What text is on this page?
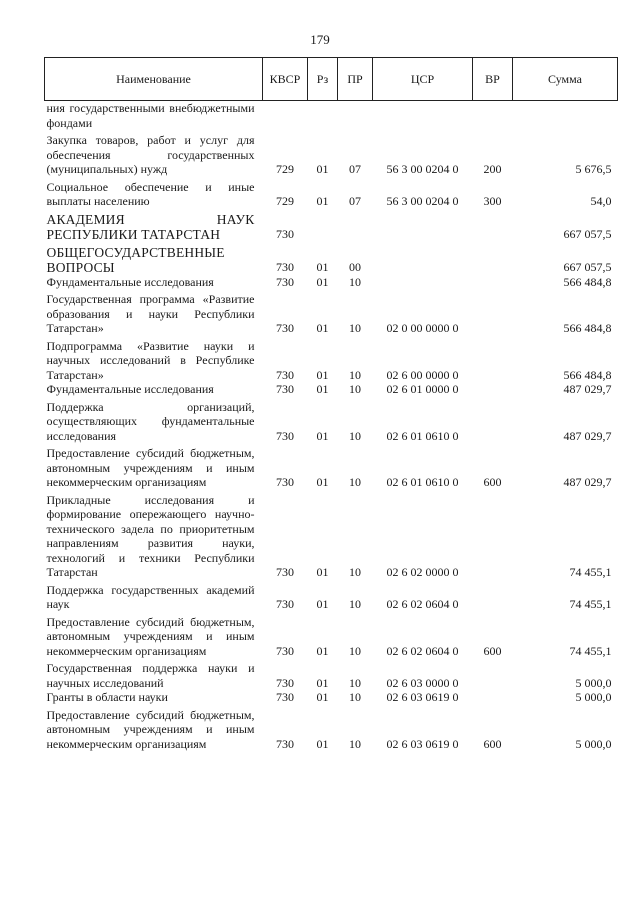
179
Наименование	КВСР	Рз	ПР	ЦСР	ВР	Сумма
ния государственными внебюджетными фондами						
Закупка товаров, работ и услуг для обеспечения государственных (муниципальных) нужд	729	01	07	56 3 00 0204 0	200	5 676,5
Социальное обеспечение и иные выплаты населению	729	01	07	56 3 00 0204 0	300	54,0
АКАДЕМИЯ НАУК РЕСПУБЛИКИ ТАТАРСТАН	730					667 057,5
ОБЩЕГОСУДАРСТВЕННЫЕ ВОПРОСЫ	730	01	00			667 057,5
Фундаментальные исследования	730	01	10			566 484,8
Государственная программа «Развитие образования и науки Республики Татарстан»	730	01	10	02 0 00 0000 0		566 484,8
Подпрограмма «Развитие науки и научных исследований в Республике Татарстан»	730	01	10	02 6 00 0000 0		566 484,8
Фундаментальные исследования	730	01	10	02 6 01 0000 0		487 029,7
Поддержка организаций, осуществляющих фундаментальные исследования	730	01	10	02 6 01 0610 0		487 029,7
Предоставление субсидий бюджетным, автономным учреждениям и иным некоммерческим организациям	730	01	10	02 6 01 0610 0	600	487 029,7
Прикладные исследования и формирование опережающего научно-технического задела по приоритетным направлениям развития науки, технологий и техники Республики Татарстан	730	01	10	02 6 02 0000 0		74 455,1
Поддержка государственных академий наук	730	01	10	02 6 02 0604 0		74 455,1
Предоставление субсидий бюджетным, автономным учреждениям и иным некоммерческим организациям	730	01	10	02 6 02 0604 0	600	74 455,1
Государственная поддержка науки и научных исследований	730	01	10	02 6 03 0000 0		5 000,0
Гранты в области науки	730	01	10	02 6 03 0619 0		5 000,0
Предоставление субсидий бюджетным, автономным учреждениям и иным некоммерческим организациям	730	01	10	02 6 03 0619 0	600	5 000,0
